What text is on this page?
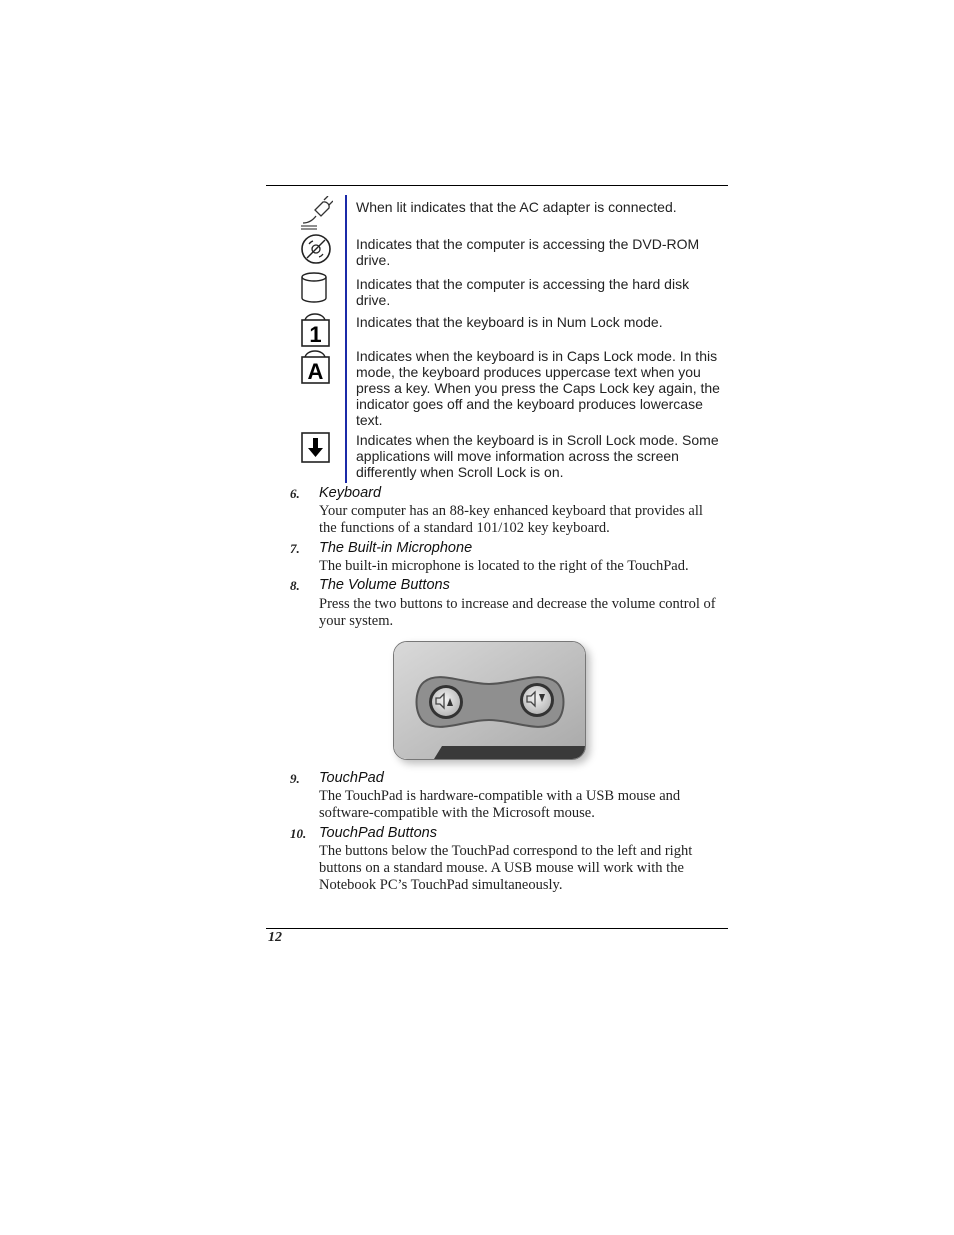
1
A
When lit indicates that the AC adapter is connected.
Indicates that the computer is accessing the DVD-ROM drive.
Indicates that the computer is accessing the hard disk drive.
Indicates that the keyboard is in Num Lock mode.
Indicates when the keyboard is in Caps Lock mode. In this mode, the keyboard produces uppercase text when you press a key. When you press the Caps Lock key again, the indicator goes off and the keyboard produces lowercase text.
Indicates when the keyboard is in Scroll Lock mode. Some applications will move information across the screen differently when Scroll Lock is on.
6. Keyboard
Your computer has an 88-key enhanced keyboard that provides all the functions of a standard 101/102 key keyboard.
7. The Built-in Microphone
The built-in microphone is located to the right of the TouchPad.
8. The Volume Buttons
Press the two buttons to increase and decrease the volume control of your system.
9. TouchPad
The TouchPad is hardware-compatible with a USB mouse and software-compatible with the Microsoft mouse.
10. TouchPad Buttons
The buttons below the TouchPad correspond to the left and right buttons on a standard mouse. A USB mouse will work with the Notebook PC’s TouchPad simultaneously.
12
